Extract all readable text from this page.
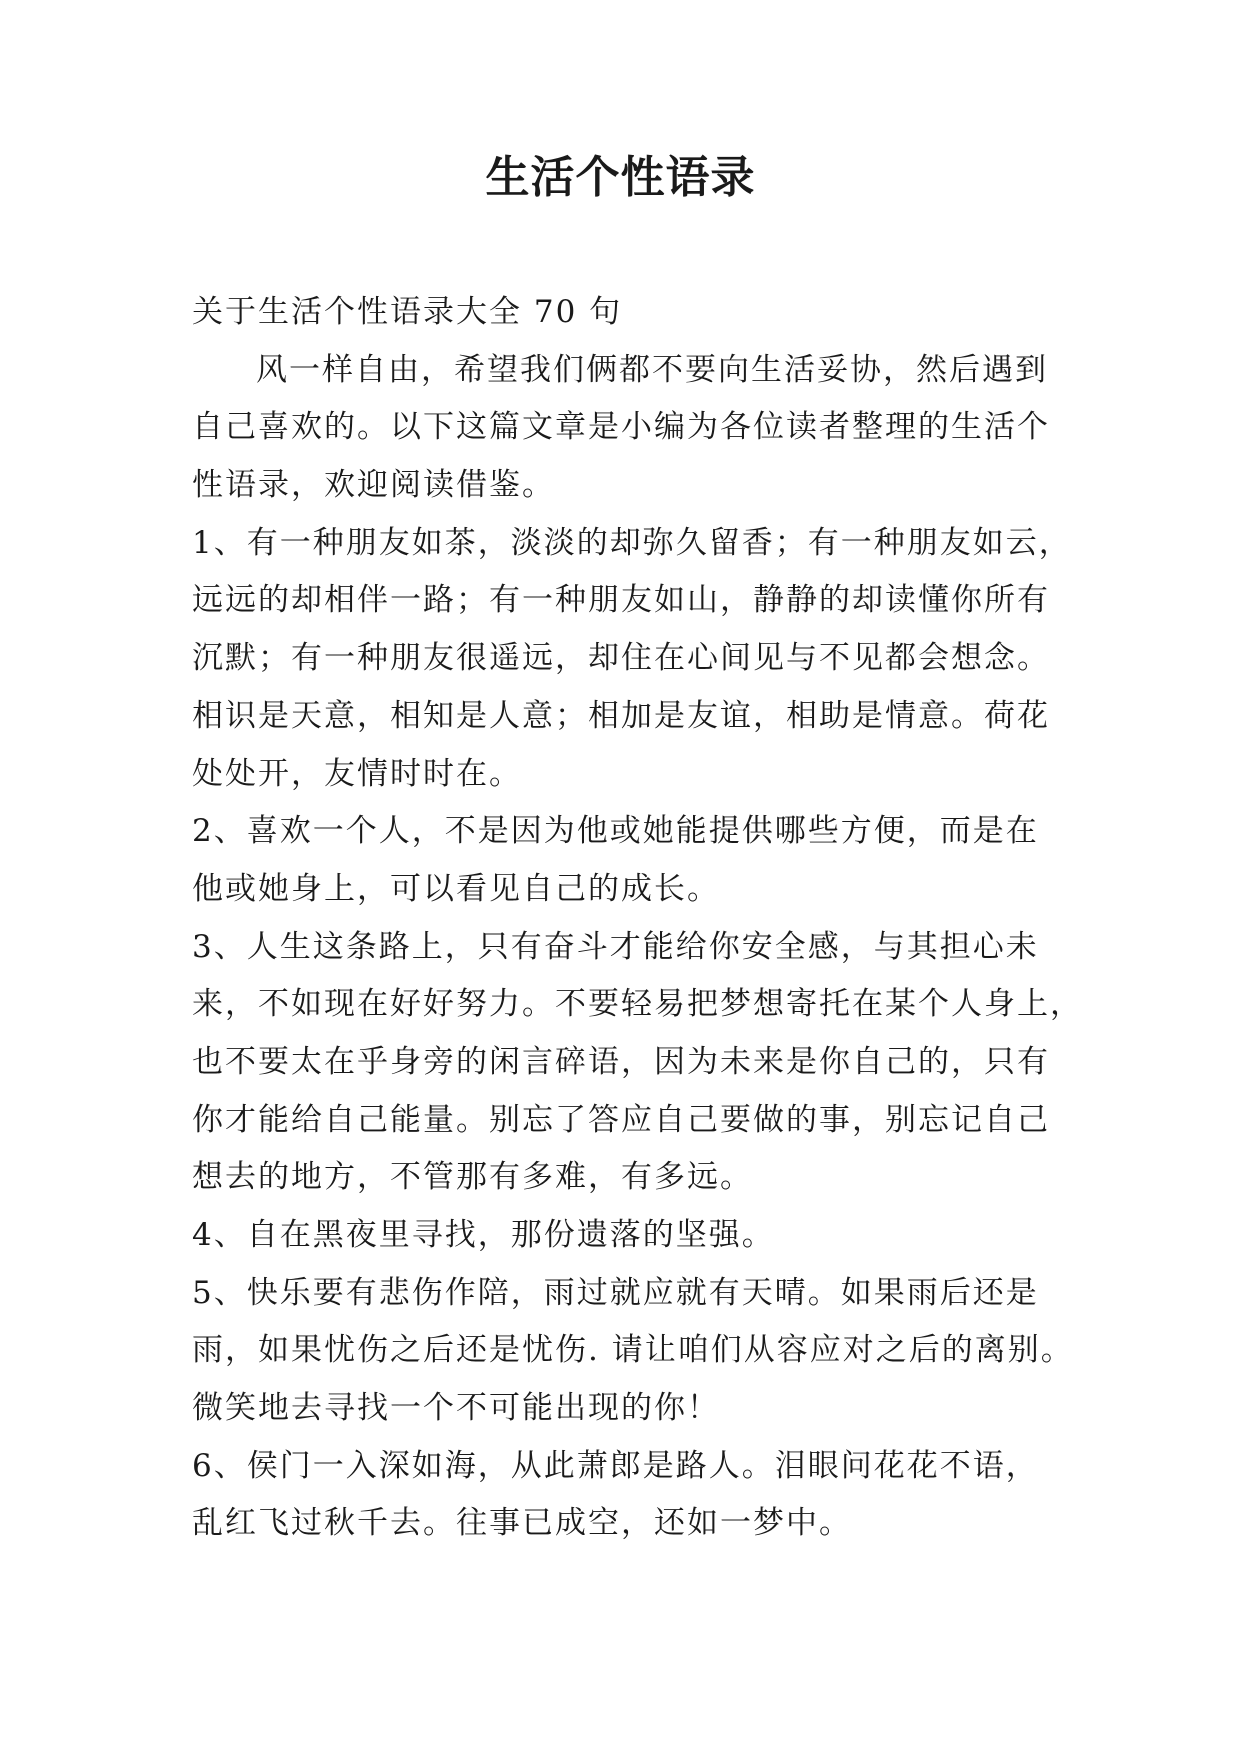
生活个性语录

关于生活个性语录大全 70 句

风一样自由，希望我们俩都不要向生活妥协，然后遇到

自己喜欢的。以下这篇文章是小编为各位读者整理的生活个

性语录，欢迎阅读借鉴。

1、有一种朋友如茶，淡淡的却弥久留香；有一种朋友如云，

远远的却相伴一路；有一种朋友如山，静静的却读懂你所有

沉默；有一种朋友很遥远，却住在心间见与不见都会想念。

相识是天意，相知是人意；相加是友谊，相助是情意。荷花

处处开，友情时时在。

2、喜欢一个人，不是因为他或她能提供哪些方便，而是在

他或她身上，可以看见自己的成长。

3、人生这条路上，只有奋斗才能给你安全感，与其担心未

来，不如现在好好努力。不要轻易把梦想寄托在某个人身上，

也不要太在乎身旁的闲言碎语，因为未来是你自己的，只有

你才能给自己能量。别忘了答应自己要做的事，别忘记自己

想去的地方，不管那有多难，有多远。

4、自在黑夜里寻找，那份遗落的坚强。

5、快乐要有悲伤作陪，雨过就应就有天晴。如果雨后还是

雨，如果忧伤之后还是忧伤. 请让咱们从容应对之后的离别。

微笑地去寻找一个不可能出现的你！

6、侯门一入深如海，从此萧郎是路人。泪眼问花花不语，

乱红飞过秋千去。往事已成空，还如一梦中。
